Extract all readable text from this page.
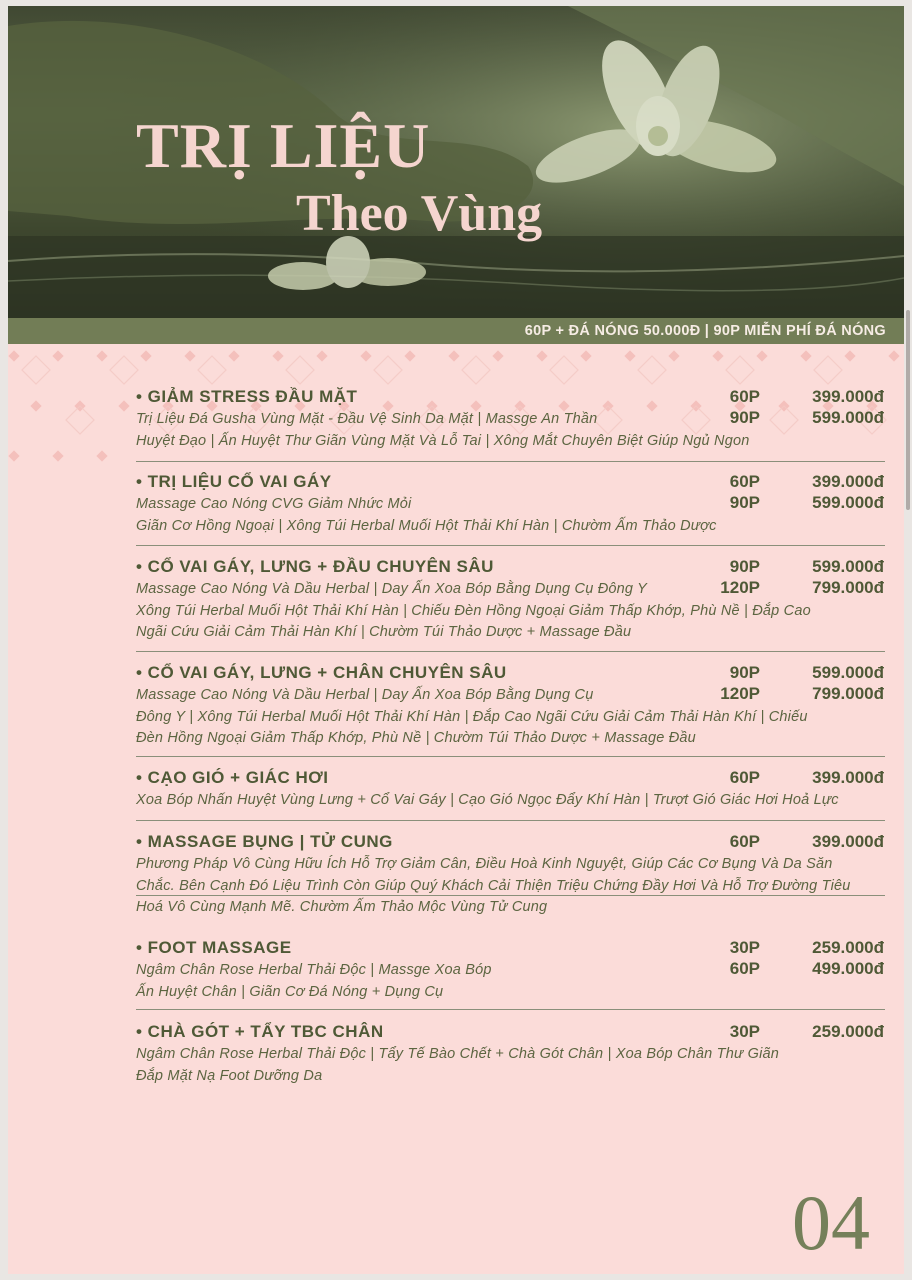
TRỊ LIỆU
Theo Vùng
60P + ĐÁ NÓNG 50.000Đ | 90P MIỄN PHÍ ĐÁ NÓNG
• GIẢM STRESS ĐẦU MẶT	60P	399.000đ
Trị Liệu Đá Gusha Vùng Mặt - Đầu Vệ Sinh Da Mặt | Massge An Thần	90P	599.000đ
Huyệt Đạo | Ấn Huyệt Thư Giãn Vùng Mặt Và Lỗ Tai | Xông Mắt Chuyên Biệt Giúp Ngủ Ngon
• TRỊ LIỆU CỔ VAI GÁY	60P	399.000đ
Massage Cao Nóng CVG Giảm Nhức Mỏi	90P	599.000đ
Giãn Cơ Hồng Ngoại | Xông Túi Herbal Muối Hột Thải Khí Hàn | Chườm Ấm Thảo Dược
• CỔ VAI GÁY, LƯNG + ĐẦU CHUYÊN SÂU	90P	599.000đ
Massage Cao Nóng Và Dầu Herbal | Day Ấn Xoa Bóp Bằng Dụng Cụ Đông Y	120P	799.000đ
Xông Túi Herbal Muối Hột Thải Khí Hàn | Chiếu Đèn Hồng Ngoại Giảm Thấp Khớp, Phù Nề | Đắp Cao
Ngãi Cứu Giải Cảm Thải Hàn Khí | Chườm Túi Thảo Dược + Massage Đầu
• CỔ VAI GÁY, LƯNG + CHÂN CHUYÊN SÂU	90P	599.000đ
Massage Cao Nóng Và Dầu Herbal | Day Ấn Xoa Bóp Bằng Dụng Cụ	120P	799.000đ
Đông Y | Xông Túi Herbal Muối Hột Thải Khí Hàn | Đắp Cao Ngãi Cứu Giải Cảm Thải Hàn Khí | Chiếu
Đèn Hồng Ngoại Giảm Thấp Khớp, Phù Nề | Chườm Túi Thảo Dược + Massage Đầu
• CẠO GIÓ + GIÁC HƠI	60P	399.000đ
Xoa Bóp Nhấn Huyệt Vùng Lưng + Cổ Vai Gáy | Cạo Gió Ngọc Đẩy Khí Hàn | Trượt Gió Giác Hơi Hoả Lực
• MASSAGE BỤNG | TỬ CUNG	60P	399.000đ
Phương Pháp Vô Cùng Hữu Ích Hỗ Trợ Giảm Cân, Điều Hoà Kinh Nguyệt, Giúp Các Cơ Bụng Và Da Săn
Chắc. Bên Cạnh Đó Liệu Trình Còn Giúp Quý Khách Cải Thiện Triệu Chứng Đầy Hơi Và Hỗ Trợ Đường Tiêu
Hoá Vô Cùng Mạnh Mẽ. Chườm Ấm Thảo Mộc Vùng Tử Cung
• FOOT MASSAGE	30P	259.000đ
Ngâm Chân Rose Herbal Thải Độc | Massge Xoa Bóp	60P	499.000đ
Ấn Huyệt Chân | Giãn Cơ Đá Nóng + Dụng Cụ
• CHÀ GÓT + TẨY TBC CHÂN	30P	259.000đ
Ngâm Chân Rose Herbal Thải Độc | Tẩy Tế Bào Chết + Chà Gót Chân | Xoa Bóp Chân Thư Giãn
Đắp Mặt Nạ Foot Dưỡng Da
04
